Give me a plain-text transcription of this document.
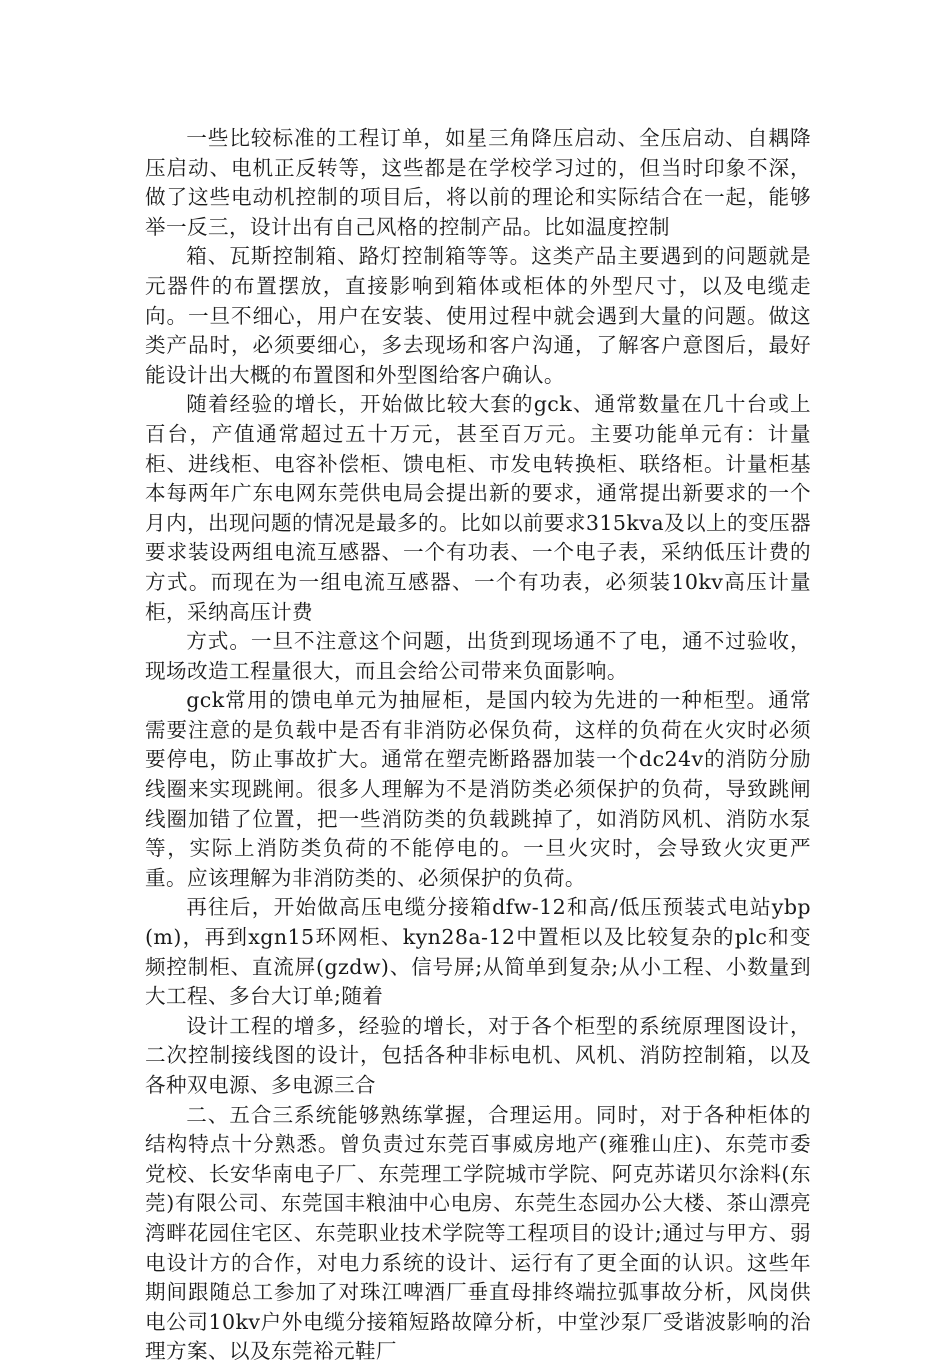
一些比较标准的工程订单，如星三角降压启动、全压启动、自耦降压启动、电机正反转等，这些都是在学校学习过的，但当时印象不深，做了这些电动机控制的项目后，将以前的理论和实际结合在一起，能够举一反三，设计出有自己风格的控制产品。比如温度控制

箱、瓦斯控制箱、路灯控制箱等等。这类产品主要遇到的问题就是元器件的布置摆放，直接影响到箱体或柜体的外型尺寸，以及电缆走向。一旦不细心，用户在安装、使用过程中就会遇到大量的问题。做这类产品时，必须要细心，多去现场和客户沟通，了解客户意图后，最好能设计出大概的布置图和外型图给客户确认。

随着经验的增长，开始做比较大套的gck、通常数量在几十台或上百台，产值通常超过五十万元，甚至百万元。主要功能单元有：计量柜、进线柜、电容补偿柜、馈电柜、市发电转换柜、联络柜。计量柜基本每两年广东电网东莞供电局会提出新的要求，通常提出新要求的一个月内，出现问题的情况是最多的。比如以前要求315kva及以上的变压器要求装设两组电流互感器、一个有功表、一个电子表，采纳低压计费的方式。而现在为一组电流互感器、一个有功表，必须装10kv高压计量柜，采纳高压计费

方式。一旦不注意这个问题，出货到现场通不了电，通不过验收，现场改造工程量很大，而且会给公司带来负面影响。

gck常用的馈电单元为抽屉柜，是国内较为先进的一种柜型。通常需要注意的是负载中是否有非消防必保负荷，这样的负荷在火灾时必须要停电，防止事故扩大。通常在塑壳断路器加装一个dc24v的消防分励线圈来实现跳闸。很多人理解为不是消防类必须保护的负荷，导致跳闸线圈加错了位置，把一些消防类的负载跳掉了，如消防风机、消防水泵等，实际上消防类负荷的不能停电的。一旦火灾时，会导致火灾更严重。应该理解为非消防类的、必须保护的负荷。

再往后，开始做高压电缆分接箱dfw-12和高/低压预装式电站ybp(m)，再到xgn15环网柜、kyn28a-12中置柜以及比较复杂的plc和变频控制柜、直流屏(gzdw)、信号屏;从简单到复杂;从小工程、小数量到大工程、多台大订单;随着

设计工程的增多，经验的增长，对于各个柜型的系统原理图设计，二次控制接线图的设计，包括各种非标电机、风机、消防控制箱，以及各种双电源、多电源三合

二、五合三系统能够熟练掌握，合理运用。同时，对于各种柜体的结构特点十分熟悉。曾负责过东莞百事威房地产(雍雅山庄)、东莞市委党校、长安华南电子厂、东莞理工学院城市学院、阿克苏诺贝尔涂料(东莞)有限公司、东莞国丰粮油中心电房、东莞生态园办公大楼、茶山漂亮湾畔花园住宅区、东莞职业技术学院等工程项目的设计;通过与甲方、弱电设计方的合作，对电力系统的设计、运行有了更全面的认识。这些年期间跟随总工参加了对珠江啤酒厂垂直母排终端拉弧事故分析，风岗供电公司10kv户外电缆分接箱短路故障分析，中堂沙泵厂受谐波影响的治理方案、以及东莞裕元鞋厂
